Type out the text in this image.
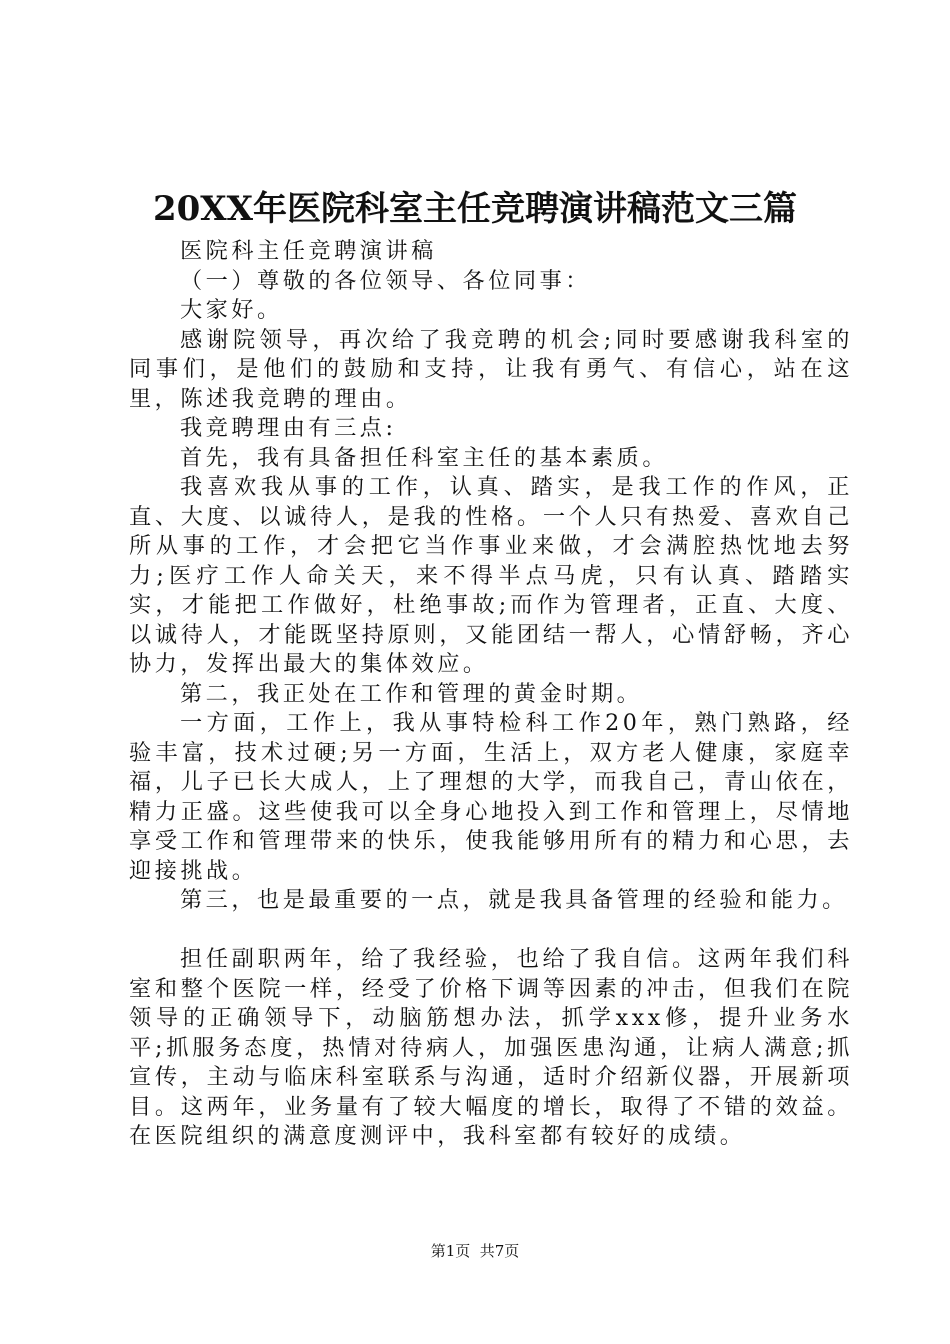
20XX年医院科室主任竞聘演讲稿范文三篇

医院科主任竞聘演讲稿

（一）尊敬的各位领导、各位同事：

大家好。

感谢院领导，再次给了我竞聘的机会;同时要感谢我科室的同事们，是他们的鼓励和支持，让我有勇气、有信心，站在这里，陈述我竞聘的理由。

我竞聘理由有三点:

首先，我有具备担任科室主任的基本素质。

我喜欢我从事的工作，认真、踏实，是我工作的作风，正直、大度、以诚待人，是我的性格。一个人只有热爱、喜欢自己所从事的工作，才会把它当作事业来做，才会满腔热忱地去努力;医疗工作人命关天，来不得半点马虎，只有认真、踏踏实实，才能把工作做好，杜绝事故;而作为管理者，正直、大度、以诚待人，才能既坚持原则，又能团结一帮人，心情舒畅，齐心协力，发挥出最大的集体效应。

第二，我正处在工作和管理的黄金时期。

一方面，工作上，我从事特检科工作20年，熟门熟路，经验丰富，技术过硬;另一方面，生活上，双方老人健康，家庭幸福，儿子已长大成人，上了理想的大学，而我自己，青山依在，精力正盛。这些使我可以全身心地投入到工作和管理上，尽情地享受工作和管理带来的快乐，使我能够用所有的精力和心思，去迎接挑战。

第三，也是最重要的一点，就是我具备管理的经验和能力。

担任副职两年，给了我经验，也给了我自信。这两年我们科室和整个医院一样，经受了价格下调等因素的冲击，但我们在院领导的正确领导下，动脑筋想办法，抓学xxx修，提升业务水平;抓服务态度，热情对待病人，加强医患沟通，让病人满意;抓宣传，主动与临床科室联系与沟通，适时介绍新仪器，开展新项目。这两年，业务量有了较大幅度的增长，取得了不错的效益。在医院组织的满意度测评中，我科室都有较好的成绩。

第1页  共7页
